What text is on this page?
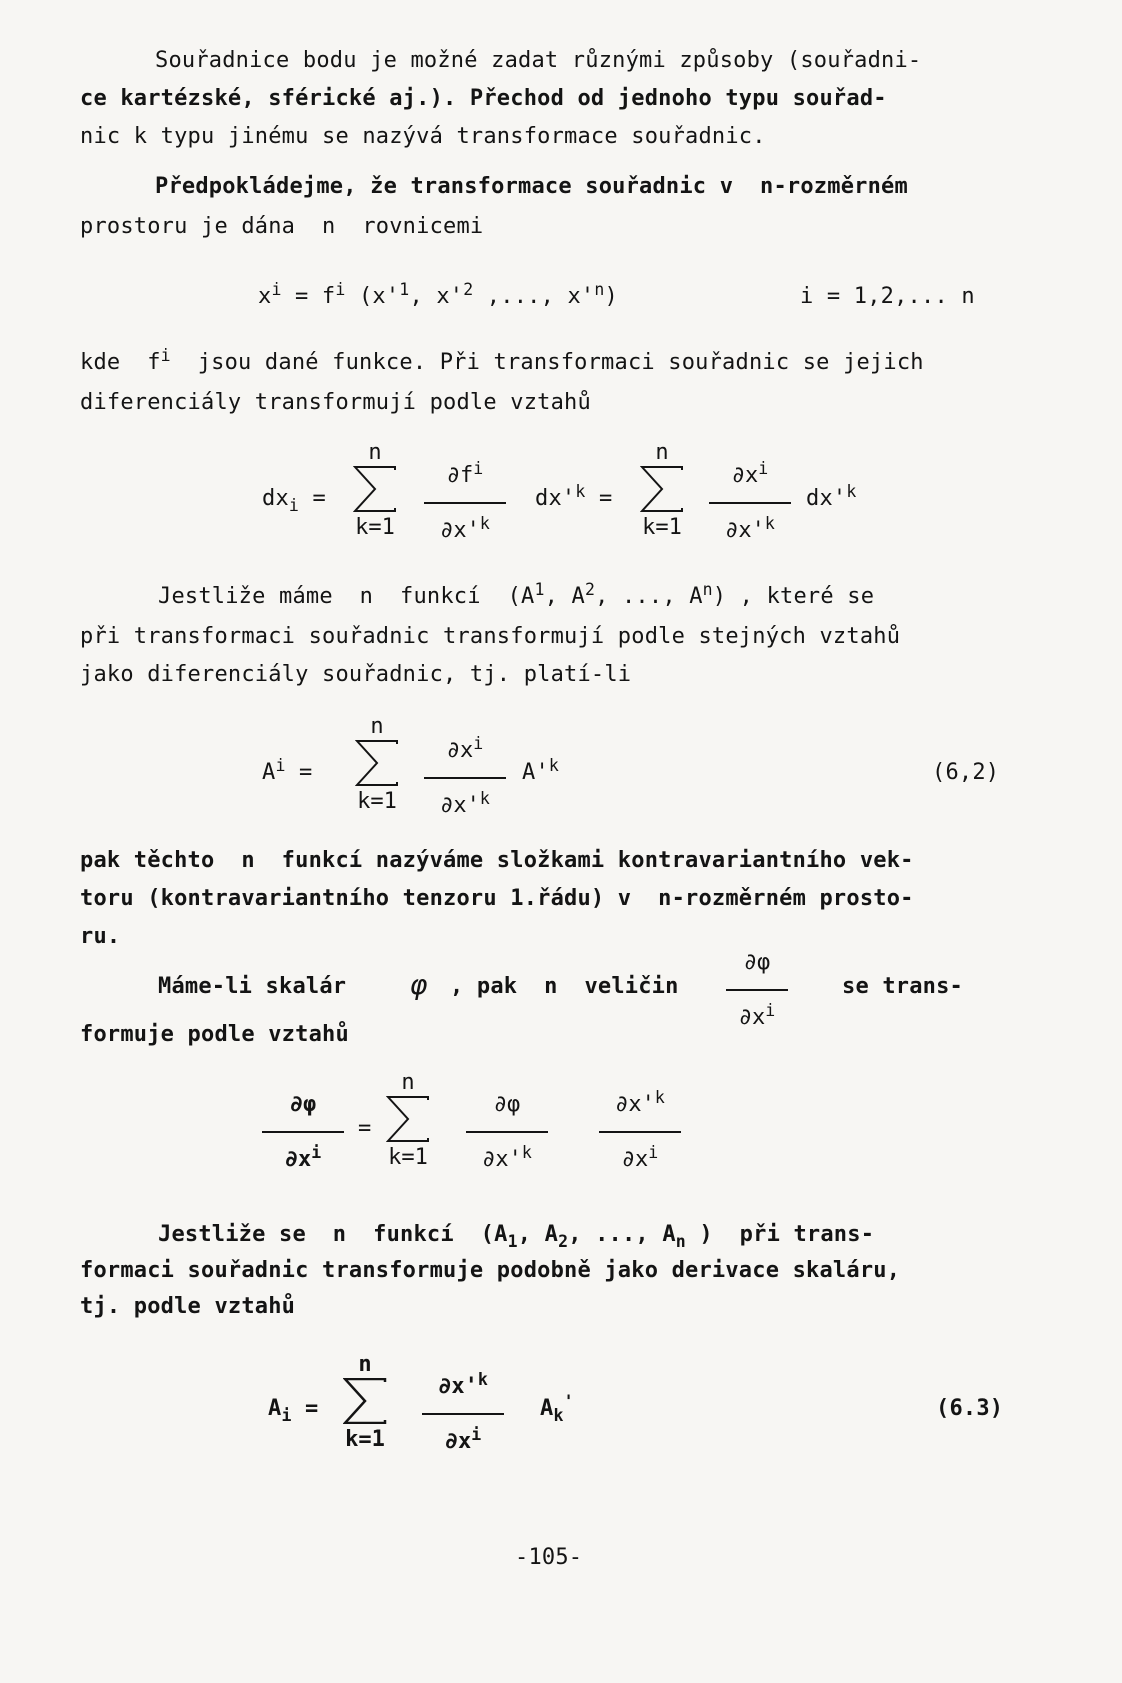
Souřadnice bodu je možné zadat různými způsoby (souřadni-
ce kartézské, sférické aj.). Přechod od jednoho typu souřad-
nic k typu jinému se nazývá transformace souřadnic.
Předpokládejme, že transformace souřadnic v  n-rozměrném
prostoru je dána  n  rovnicemi
$x^i = f^i$ ($x'^1$, $x'^2$ ,..., $x'^n$)	i = 1,2,... n
kde  $f^i$  jsou dané funkce. Při transformaci souřadnic se jejich
diferenciály transformují podle vztahů
$dx_i$ =
n
k=1
$\partial f^i$
$\partial x'^k$
$dx'^k$ =
n
k=1
$\partial x^i$
$\partial x'^k$
$dx'^k$
Jestliže máme  n  funkcí  ($A^1$, $A^2$, ..., $A^n$) , které se
při transformaci souřadnic transformují podle stejných vztahů
jako diferenciály souřadnic, tj. platí-li
$A^i$ =
n
k=1
$\partial x^i$
$\partial x'^k$
$A'^k$	(6,2)
pak těchto  n  funkcí nazýváme složkami kontravariantního vek-
toru (kontravariantního tenzoru 1.řádu) v  n-rozměrném prosto-
ru.
Máme-li skalár φ , pak  n  veličin
∂φ
$\partial x^i$
se trans-
formuje podle vztahů
∂φ
$\partial x^i$
=
n
k=1
∂φ
$\partial x'^k$
$\partial x'^k$
$\partial x^i$
Jestliže se  n  funkcí  ($A_1$, $A_2$, ..., $A_n$ )  při trans-
formaci souřadnic transformuje podobně jako derivace skaláru,
tj. podle vztahů
$A_i$ =
n
k=1
$\partial x'^k$
$\partial x^i$
$A_k'$	(6.3)
-105-
